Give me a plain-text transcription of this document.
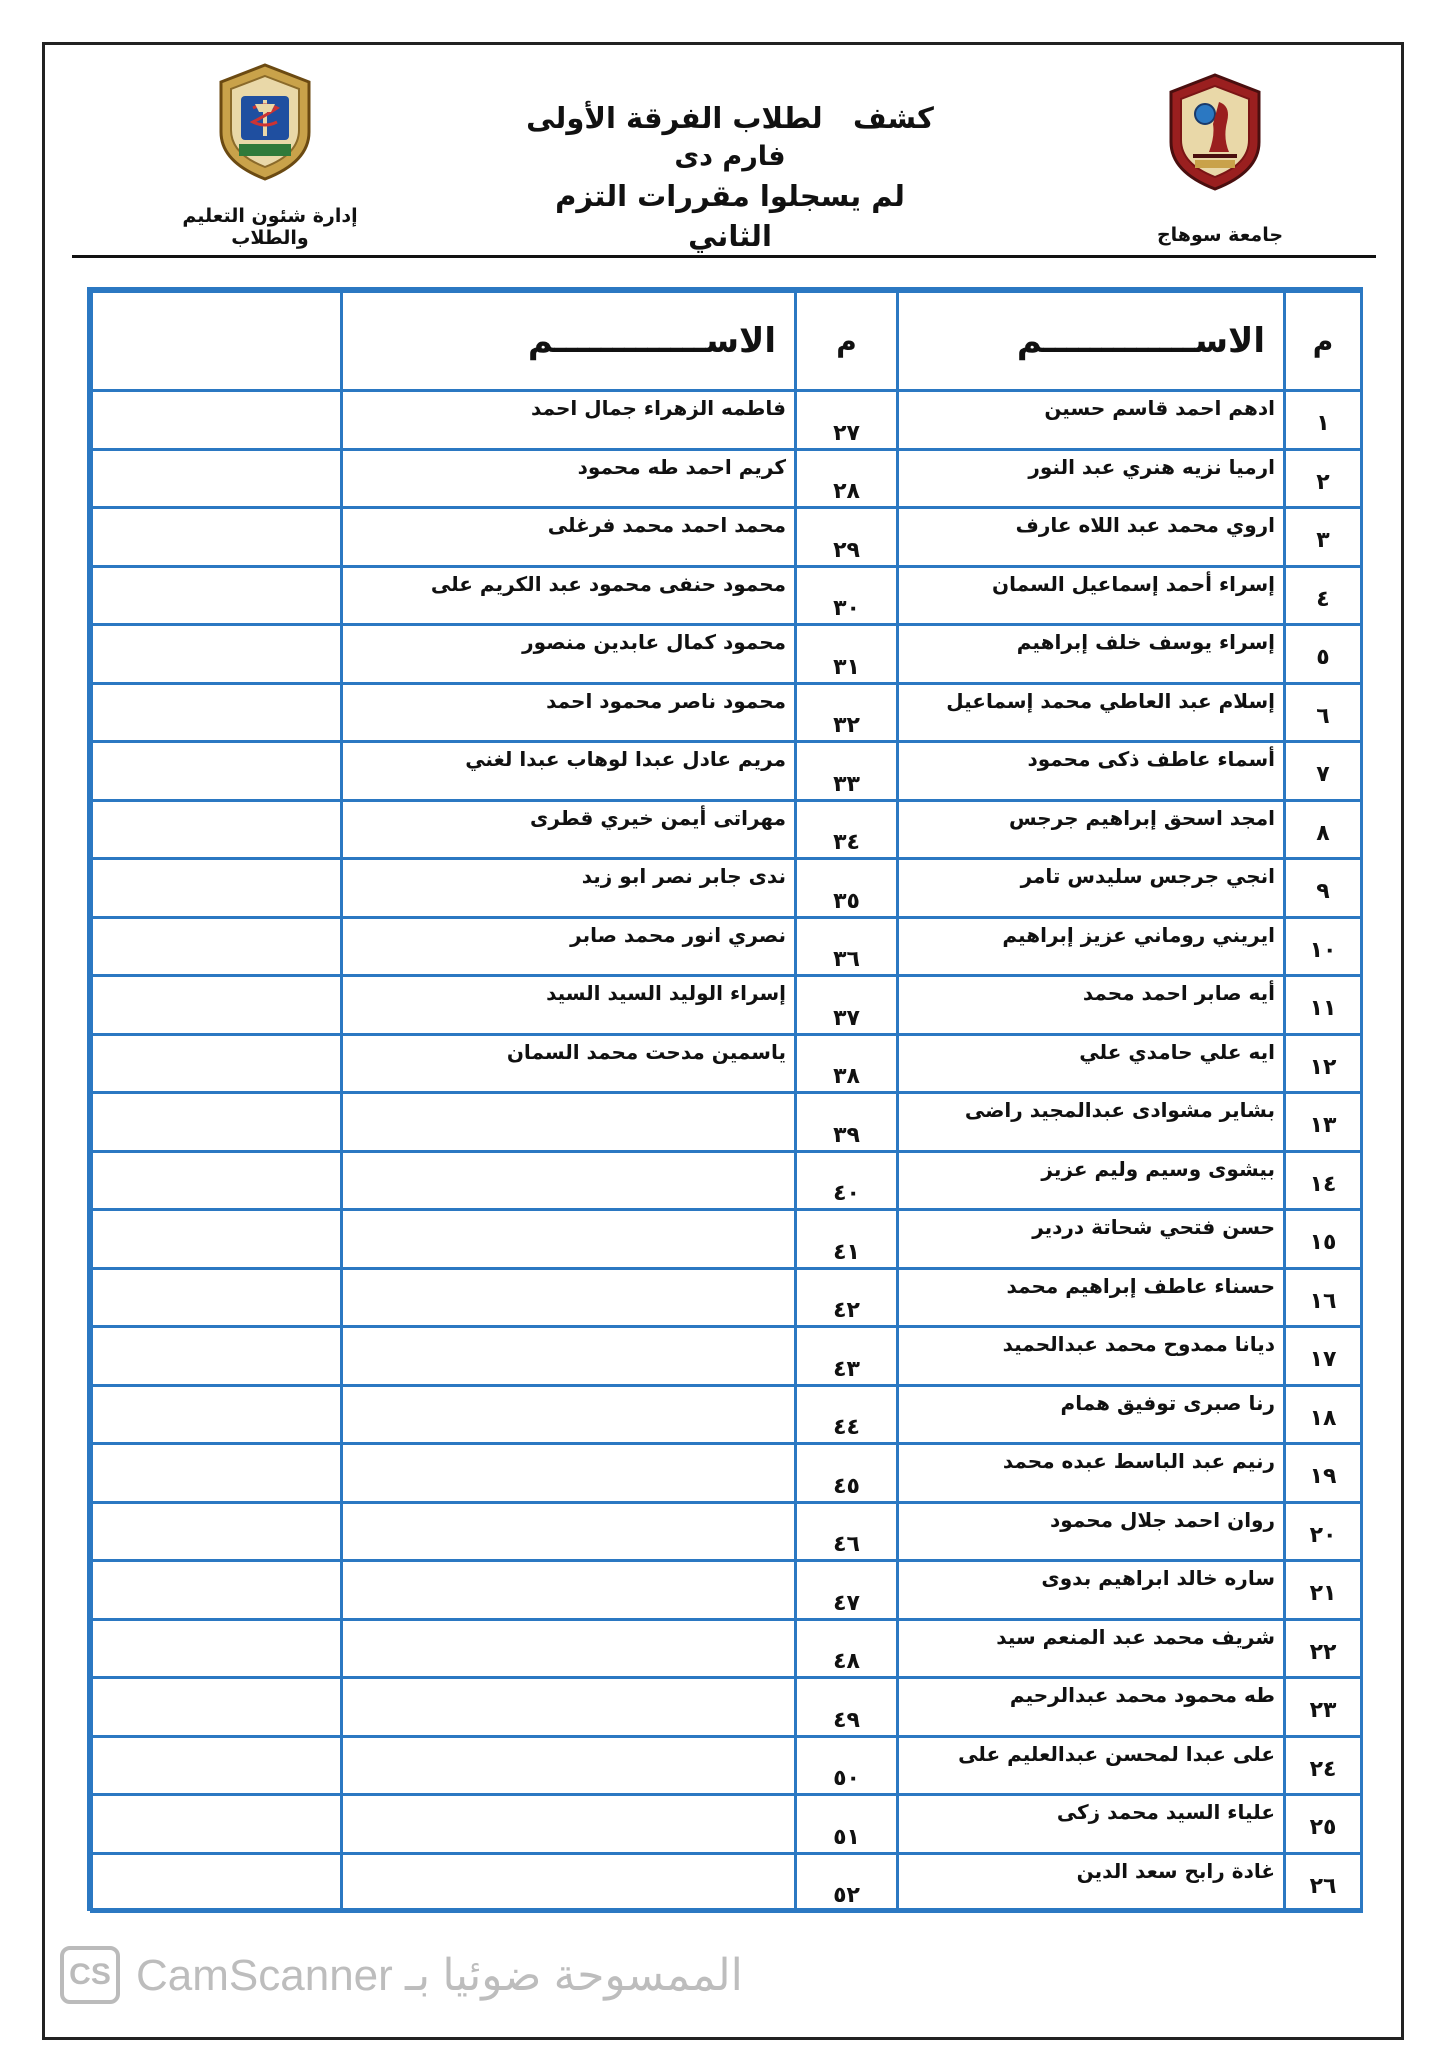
إدارة شئون التعليم والطلاب	جامعة سوهاج
كشف   لطلاب الفرقة الأولى
فارم دى
لم يسجلوا مقررات التزم الثاني
	الاســـــــــــــم	م	الاســـــــــــــم	م
	فاطمه الزهراء جمال احمد	٢٧	ادهم احمد قاسم حسين	١
	كريم احمد طه محمود	٢٨	ارميا نزيه هنري عبد النور	٢
	محمد احمد محمد فرغلى	٢٩	اروي محمد عبد اللاه عارف	٣
	محمود حنفى محمود عبد الكريم على	٣٠	إسراء أحمد إسماعيل السمان	٤
	محمود كمال عابدين منصور	٣١	إسراء يوسف خلف إبراهيم	٥
	محمود ناصر محمود احمد	٣٢	إسلام عبد العاطي محمد إسماعيل	٦
	مريم عادل عبدا لوهاب عبدا لغني	٣٣	أسماء عاطف ذكى محمود	٧
	مهراتى أيمن خيري قطرى	٣٤	امجد اسحق إبراهيم جرجس	٨
	ندى جابر نصر ابو زيد	٣٥	انجي جرجس سليدس تامر	٩
	نصري انور محمد صابر	٣٦	ايريني روماني عزيز إبراهيم	١٠
	إسراء الوليد السيد السيد	٣٧	أيه صابر احمد محمد	١١
	ياسمين مدحت محمد السمان	٣٨	ايه علي حامدي علي	١٢
		٣٩	بشاير مشوادى عبدالمجيد راضى	١٣
		٤٠	بيشوى وسيم وليم عزيز	١٤
		٤١	حسن فتحي شحاتة دردير	١٥
		٤٢	حسناء عاطف إبراهيم محمد	١٦
		٤٣	ديانا ممدوح محمد عبدالحميد	١٧
		٤٤	رنا صبرى توفيق همام	١٨
		٤٥	رنيم عبد الباسط عبده محمد	١٩
		٤٦	روان احمد جلال محمود	٢٠
		٤٧	ساره خالد ابراهيم بدوى	٢١
		٤٨	شريف محمد عبد المنعم سيد	٢٢
		٤٩	طه محمود محمد عبدالرحيم	٢٣
		٥٠	على عبدا لمحسن عبدالعليم على	٢٤
		٥١	علياء السيد محمد زكى	٢٥
		٥٢	غادة رابح سعد الدين	٢٦
CS الممسوحة ضوئيا بـ CamScanner
